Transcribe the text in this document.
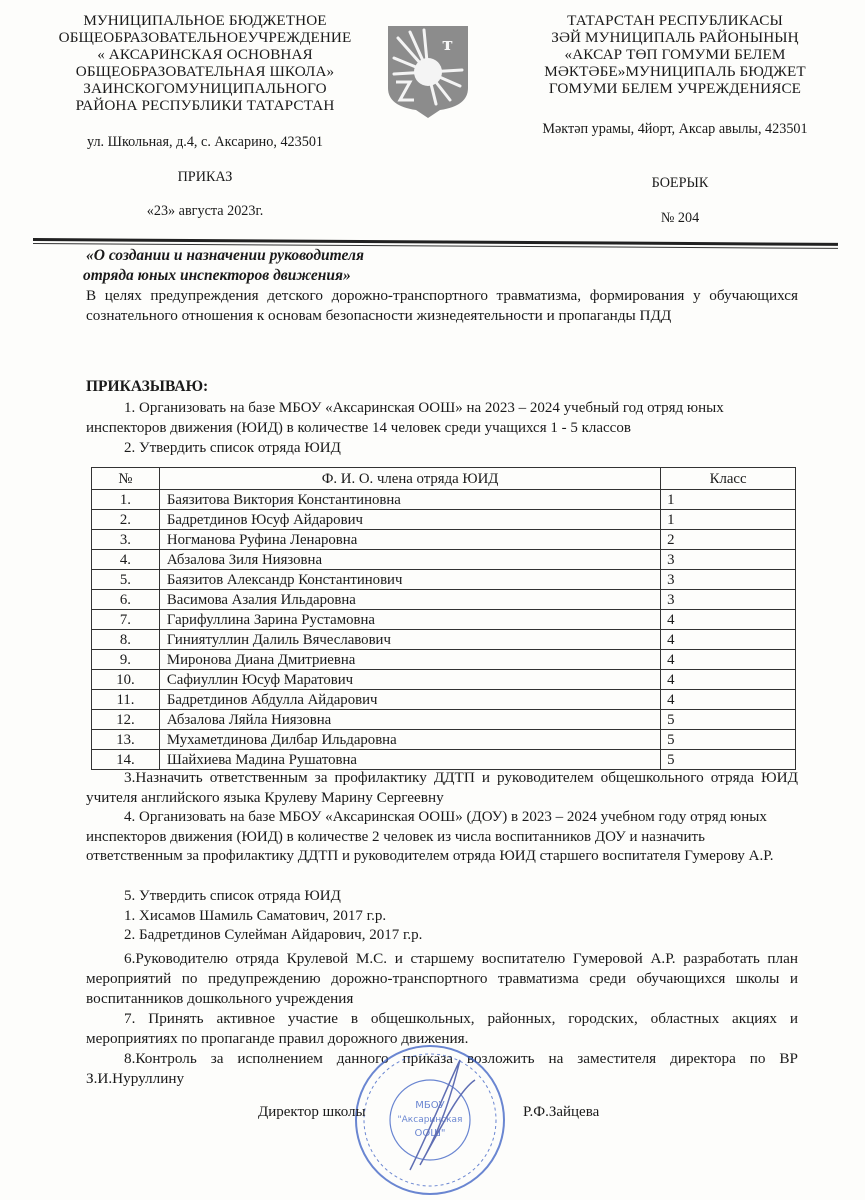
МУНИЦИПАЛЬНОЕ БЮДЖЕТНОЕ
ОБЩЕОБРАЗОВАТЕЛЬНОЕУЧРЕЖДЕНИЕ
« АКСАРИНСКАЯ ОСНОВНАЯ
ОБЩЕОБРАЗОВАТЕЛЬНАЯ ШКОЛА»
ЗАИНСКОГОМУНИЦИПАЛЬНОГО
РАЙОНА РЕСПУБЛИКИ ТАТАРСТАН
ул. Школьная, д.4, с. Аксарино, 423501
т
ТАТАРСТАН РЕСПУБЛИКАСЫ
ЗӘЙ МУНИЦИПАЛЬ РАЙОНЫНЫҢ
«АКСАР ТӨП ГОМУМИ БЕЛЕМ
МӘКТӘБЕ»МУНИЦИПАЛЬ БЮДЖЕТ
ГОМУМИ БЕЛЕМ УЧРЕЖДЕНИЯСЕ
Мәктәп урамы, 4йорт, Аксар авылы, 423501
ПРИКАЗ
«23» августа 2023г.
БОЕРЫК
№ 204
«О создании и назначении руководителя
отряда юных инспекторов движения»
В целях предупреждения детского дорожно-транспортного травматизма, формирования у обучающихся сознательного отношения к основам безопасности жизнедеятельности и пропаганды ПДД
ПРИКАЗЫВАЮ:
1. Организовать на базе МБОУ «Аксаринская ООШ» на 2023 – 2024 учебный год отряд юных инспекторов движения (ЮИД) в количестве 14 человек среди учащихся 1 - 5 классов
2. Утвердить список отряда ЮИД
№	Ф. И. О. члена отряда ЮИД	Класс
1.	Баязитова Виктория Константиновна	1
2.	Бадретдинов Юсуф Айдарович	1
3.	Ногманова Руфина Ленаровна	2
4.	Абзалова Зиля Ниязовна	3
5.	Баязитов Александр Константинович	3
6.	Васимова Азалия Ильдаровна	3
7.	Гарифуллина Зарина Рустамовна	4
8.	Гиниятуллин Далиль Вячеславович	4
9.	Миронова Диана Дмитриевна	4
10.	Сафиуллин Юсуф Маратович	4
11.	Бадретдинов Абдулла Айдарович	4
12.	Абзалова Ляйла Ниязовна	5
13.	Мухаметдинова Дилбар Ильдаровна	5
14.	Шайхиева Мадина Рушатовна	5
3.Назначить ответственным за профилактику ДДТП и руководителем общешкольного отряда ЮИД учителя английского языка Крулеву Марину Сергеевну
4. Организовать на базе МБОУ «Аксаринская ООШ» (ДОУ) в 2023 – 2024 учебном году отряд юных инспекторов движения (ЮИД) в количестве 2 человек из числа воспитанников ДОУ и назначить ответственным за профилактику ДДТП и руководителем отряда ЮИД старшего воспитателя Гумерову А.Р.
5. Утвердить список отряда ЮИД
1. Хисамов Шамиль Саматович, 2017 г.р.
2. Бадретдинов Сулейман Айдарович, 2017 г.р.
6.Руководителю отряда Крулевой М.С. и старшему воспитателю Гумеровой А.Р. разработать план мероприятий по предупреждению дорожно-транспортного травматизма среди обучающихся школы и воспитанников дошкольного учреждения
7. Принять активное участие в общешкольных, районных, городских, областных акциях и мероприятиях по пропаганде правил дорожного движения.
8.Контроль за исполнением данного приказа возложить на заместителя директора по ВР З.И.Нуруллину
МБОУ
"Аксаринская
ООШ"
Директор школы	Р.Ф.Зайцева
